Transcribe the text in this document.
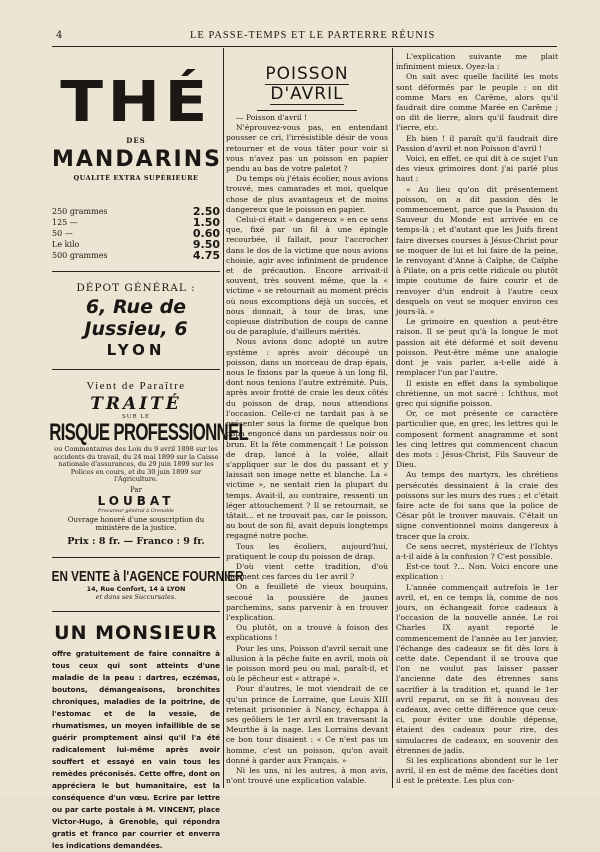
4	LE PASSE-TEMPS ET LE PARTERRE RÉUNIS
THÉ
DES
MANDARINS
QUALITÉ EXTRA SUPÉRIEURE
250 grammes	2.50
125 —	1.50
50 —	0.60
Le kilo	9.50
500 grammes	4.75
DÉPOT GÉNÉRAL :
6, Rue de Jussieu, 6
LYON
Vient de Paraître
TRAITÉ
SUR LE
RISQUE PROFESSIONNEL
ou Commentaires des Lois du 9 avril 1898 sur les accidents du travail, du 24 mai 1899 sur la Caisse nationale d'assurances, du 29 juin 1899 sur les Polices en cours, et du 30 juin 1899 sur l'Agriculture.
Par
LOUBAT
Procureur général à Grenoble
Ouvrage honoré d'une souscription du ministère de la justice.
Prix : 8 fr. — Franco : 9 fr.
EN VENTE à l'AGENCE FOURNIER
14, Rue Confort, 14 à LYON
et dans ses Succursales.
UN MONSIEUR
offre gratuitement de faire connaître à tous ceux qui sont atteints d'une maladie de la peau : dartres, eczémas, boutons, démangeaisons, bronchites chroniques, maladies de la poitrine, de l'estomac et de la vessie, de rhumatismes, un moyen infaillible de se guérir promptement ainsi qu'il l'a été radicalement lui-même après avoir souffert et essayé en vain tous les remèdes préconisés. Cette offre, dont on appréciera le but humanitaire, est la conséquence d'un vœu. Ecrire par lettre ou par carte postale à M. VINCENT, place Victor-Hugo, à Grenoble, qui répondra gratis et franco par courrier et enverra les indications demandées.
POISSON D'AVRIL

— Poisson d'avril !

N'éprouvez-vous pas, en entendant pousser ce cri, l'irrésistible désir de vous retourner et de vous tâter pour voir si vous n'avez pas un poisson en papier pendu au bas de votre paletot ?

Du temps où j'étais écolier, nous avions trouvé, mes camarades et moi, quelque chose de plus avantageux et de moins dangereux que le poisson en papier.

Celui-ci était « dangereux » en ce sens que, fixé par un fil à une épingle recourbée, il fallait, pour l'accrocher dans le dos de la victime que nous avions choisie, agir avec infiniment de prudence et de précaution. Encore arrivait-il souvent, très souvent même, que la « victime » se retournait au moment précis où nous excomptions déjà un succès, et nous donnait, à tour de bras, une copieuse distribution de coups de canne ou de parapluie, d'ailleurs mérités.

Nous avions donc adopté un autre système : après avoir découpé un poisson, dans un morceau de drap épais, nous le fixions par la queue à un long fil, dont nous tenions l'autre extrémité. Puis, après avoir frotté de craie les deux côtés du poisson de drap, nous attendions l'occasion. Celle-ci ne tardait pas à se présenter sous la forme de quelque bon papa engoncé dans un pardessus noir ou brun. Et la fête commençait ! Le poisson de drap, lancé à la volée, allait s'appliquer sur le dos du passant et y laissait son image nette et blanche. La « victime », ne sentait rien la plupart du temps. Avait-il, au contraire, ressenti un léger attouchement ? Il se retournait, se tâtait... et ne trouvait pas, car le poisson, au bout de son fil, avait depuis longtemps regagné notre poche.

Tous les écoliers, aujourd'hui, pratiquent le coup du poisson de drap.

D'où vient cette tradition, d'où viennent ces farces du 1er avril ?

On a feuilleté de vieux bouquins, secoué la poussière de jaunes parchemins, sans parvenir à en trouver l'explication.

Ou plutôt, on a trouvé à foison des explications !

Pour les uns, Poisson d'avril serait une allusion à la pêche faite en avril, mois où le poisson mord peu ou mal, paraît-il, et où le pêcheur est « attrapé ».

Pour d'autres, le mot viendrait de ce qu'un prince de Lorraine, que Louis XIII retenait prisonnier à Nancy, échappa à ses geôliers le 1er avril en traversant la Meurthe à la nage. Les Lorrains devant ce bon tour disaient : « Ce n'est pas un homme, c'est un poisson, qu'on avait donné à garder aux Français. »

Ni les uns, ni les autres, à mon avis, n'ont trouvé une explication valable.

L'explication suivante me plait infiniment mieux. Oyez-la :

On sait avec quelle facilité les mots sont déformés par le peuple : on dit comme Mars en Carême, alors qu'il faudrait dire comme Marée en Carême ; on dit de lierre, alors qu'il faudrait dire l'ierre, etc.

Eh bien ! il paraît qu'il faudrait dire Passion d'avril et non Poisson d'avril !

Voici, en effet, ce qui dit à ce sujet l'un des vieux grimoires dont j'ai parlé plus haut :

« Au lieu qu'on dit présentement poisson, on a dit passion dès le commencement, parce que la Passion du Sauveur du Monde est arrivée en ce temps-là ; et d'autant que les Juifs firent faire diverses courses à Jésus-Christ pour se moquer de lui et lui faire de la peine, le renvoyant d'Anne à Caïphe, de Caïphe à Pilate, on a pris cette ridicule ou plutôt impie coutume de faire courir et de renvoyer d'un endroit à l'autre ceux desquels on veut se moquer environ ces jours-là. »

Le grimoire en question a peut-être raison. Il se peut qu'à la longue le mot passion ait été déformé et soit devenu poisson. Peut-être même une analogie dont je vais parler, a-t-elle aidé à remplacer l'un par l'autre.

Il existe en effet dans la symbolique chrétienne, un mot sacré : Ichthus, mot grec qui signifie poisson.

Or, ce mot présente ce caractère particulier que, en grec, les lettres qui le composent forment anagramme et sont les cinq lettres qui commencent chacun des mots : Jésus-Christ, Fils Sauveur de Dieu.

Au temps des martyrs, les chrétiens persécutés dessinaient à la craie des poissons sur les murs des rues ; et c'était faire acte de foi sans que la police de César pût le trouver mauvais. C'était un signe conventionnel moins dangereux à tracer que la croix.

Ce sens secret, mystérieux de l'Ichtys a-t-il aidé à la confusion ? C'est possible.

Est-ce tout ?... Non. Voici encore une explication :

L'année commençait autrefois le 1er avril, et, en ce temps là, comme de nos jours, on échangeait force cadeaux à l'occasion de la nouvelle année. Le roi Charles IX ayant reporté le commencement de l'année au 1er janvier, l'échange des cadeaux se fit dès lors à cette date. Cependant il se trouva que l'on ne voulut pas laisser passer l'ancienne date des étrennes sans sacrifier à la tradition et, quand le 1er avril reparut, on se fit à nouveau des cadeaux, avec cette différence que ceux-ci, pour éviter une double dépense, étaient des cadeaux pour rire, des simulacres de cadeaux, en souvenir des étrennes de jadis.

Si les explications abondent sur le 1er avril, il en est de même des facéties dont il est le prétexte. Les plus con-
